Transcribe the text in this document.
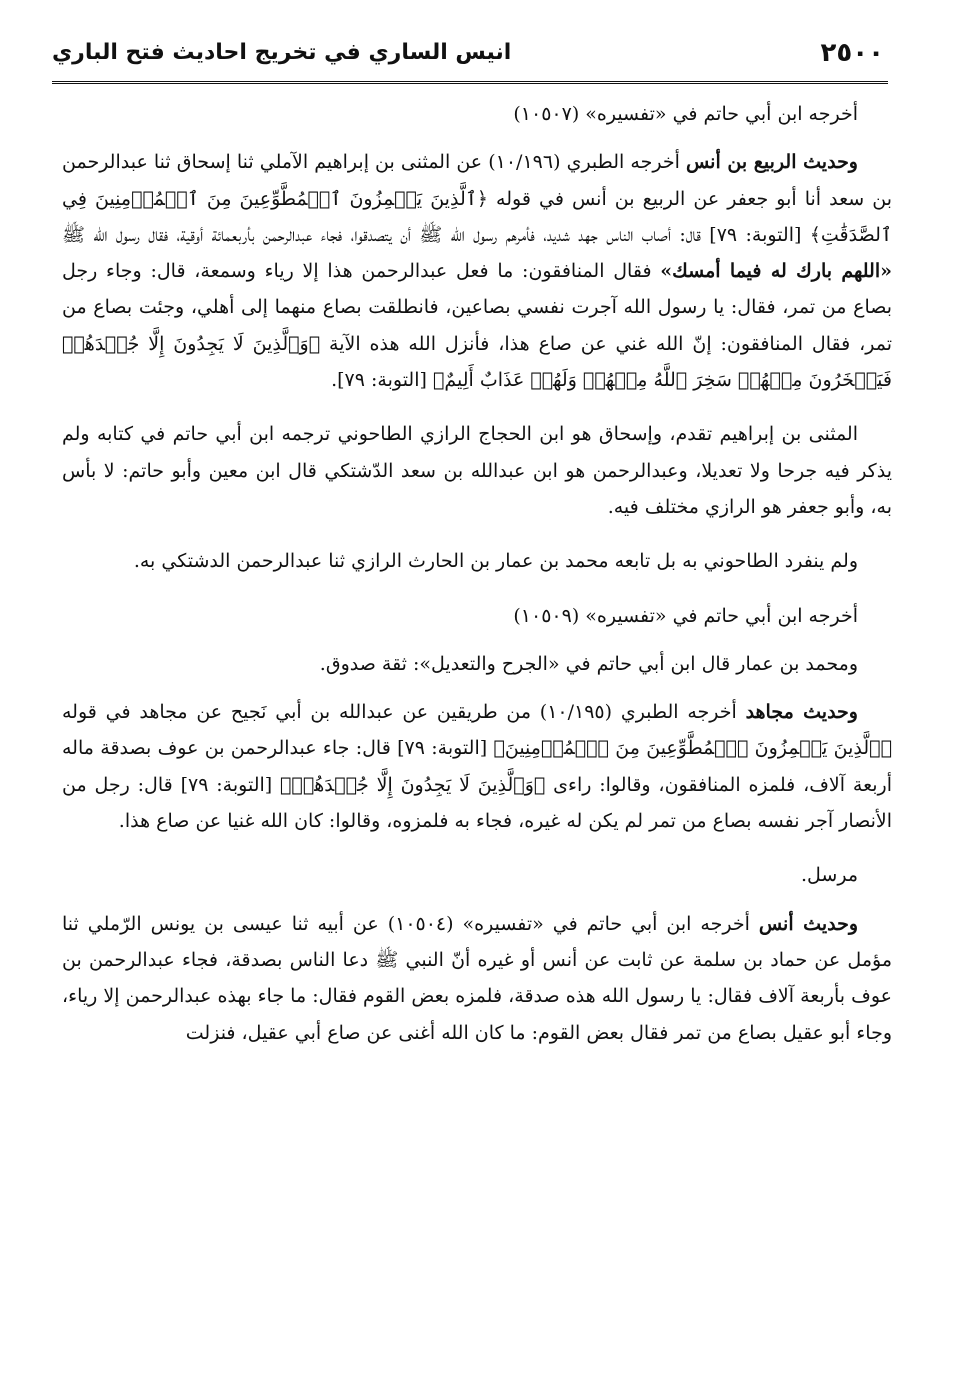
٢٥٠٠
انيس الساري في تخريج احاديث فتح الباري

أخرجه ابن أبي حاتم في «تفسيره» (١٠٥٠٧)

وحديث الربيع بن أنس أخرجه الطبري (١٠/١٩٦) عن المثنى بن إبراهيم الآملي ثنا إسحاق ثنا عبدالرحمن بن سعد أنا أبو جعفر عن الربيع بن أنس في قوله ﴿ٱلَّذِينَ يَلۡمِزُونَ ٱلۡمُطَّوِّعِينَ مِنَ ٱلۡمُؤۡمِنِينَ فِي ٱلصَّدَقَٰتِ﴾ [التوبة: ٧٩] قال: أصاب الناس جهد شديد، فأمرهم رسول الله ﷺ أن يتصدقوا، فجاء عبدالرحمن بأربعمائة أوقية، فقال رسول الله ﷺ «اللهم بارك له فيما أمسك» فقال المنافقون: ما فعل عبدالرحمن هذا إلا رياء وسمعة، قال: وجاء رجل بصاع من تمر، فقال: يا رسول الله آجرت نفسي بصاعين، فانطلقت بصاع منهما إلى أهلي، وجئت بصاع من تمر، فقال المنافقون: إنّ الله غني عن صاع هذا، فأنزل الله هذه الآية ﴿وَٱلَّذِينَ لَا يَجِدُونَ إِلَّا جُهۡدَهُمۡ فَيَسۡخَرُونَ مِنۡهُمۡ سَخِرَ ٱللَّهُ مِنۡهُمۡ وَلَهُمۡ عَذَابٌ أَلِيمٌ﴾ [التوبة: ٧٩].

المثنى بن إبراهيم تقدم، وإسحاق هو ابن الحجاج الرازي الطاحوني ترجمه ابن أبي حاتم في كتابه ولم يذكر فيه جرحا ولا تعديلا، وعبدالرحمن هو ابن عبدالله بن سعد الدّشتكي قال ابن معين وأبو حاتم: لا بأس به، وأبو جعفر هو الرازي مختلف فيه.

ولم ينفرد الطاحوني به بل تابعه محمد بن عمار بن الحارث الرازي ثنا عبدالرحمن الدشتكي به.

أخرجه ابن أبي حاتم في «تفسيره» (١٠٥٠٩)

ومحمد بن عمار قال ابن أبي حاتم في «الجرح والتعديل»: ثقة صدوق.

وحديث مجاهد أخرجه الطبري (١٠/١٩٥) من طريقين عن عبدالله بن أبي نَجيح عن مجاهد في قوله ﴿ٱلَّذِينَ يَلۡمِزُونَ ٱلۡمُطَّوِّعِينَ مِنَ ٱلۡمُؤۡمِنِينَ﴾ [التوبة: ٧٩] قال: جاء عبدالرحمن بن عوف بصدقة ماله أربعة آلاف، فلمزه المنافقون، وقالوا: راءى ﴿وَٱلَّذِينَ لَا يَجِدُونَ إِلَّا جُهۡدَهُمۡ﴾ [التوبة: ٧٩] قال: رجل من الأنصار آجر نفسه بصاع من تمر لم يكن له غيره، فجاء به فلمزوه، وقالوا: كان الله غنيا عن صاع هذا.

مرسل.

وحديث أنس أخرجه ابن أبي حاتم في «تفسيره» (١٠٥٠٤) عن أبيه ثنا عيسى بن يونس الرّملي ثنا مؤمل عن حماد بن سلمة عن ثابت عن أنس أو غيره أنّ النبي ﷺ دعا الناس بصدقة، فجاء عبدالرحمن بن عوف بأربعة آلاف فقال: يا رسول الله هذه صدقة، فلمزه بعض القوم فقال: ما جاء بهذه عبدالرحمن إلا رياء، وجاء أبو عقيل بصاع من تمر فقال بعض القوم: ما كان الله أغنى عن صاع أبي عقيل، فنزلت
